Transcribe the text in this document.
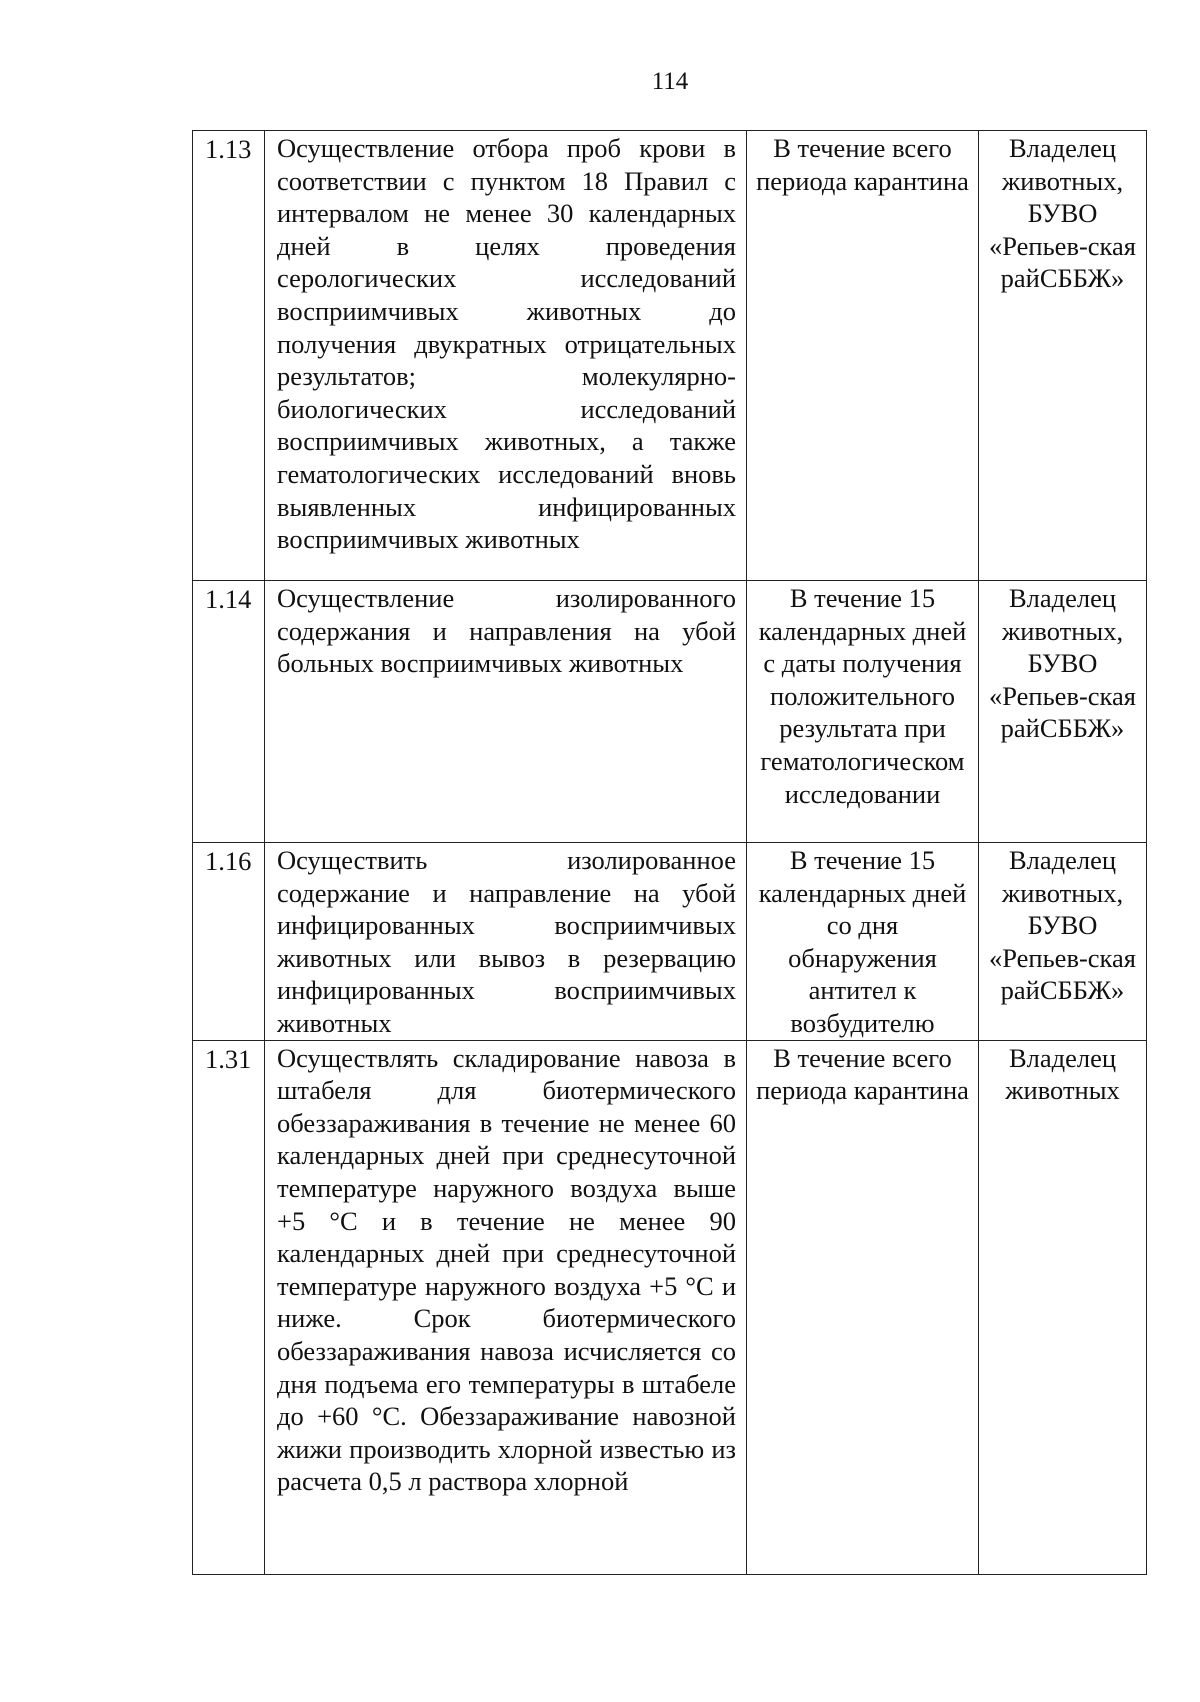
114
1.13	Осуществление отбора проб крови в соответствии с пунктом 18 Правил с интервалом не менее 30 календарных дней в целях проведения серологических исследований восприимчивых животных до получения двукратных отрицательных результатов; молекулярно-биологических исследований восприимчивых животных, а также гематологических исследований вновь выявленных инфицированных восприимчивых животных	В течение всего периода карантина	Владелец животных, БУВО «Репьев-ская райСББЖ»
1.14	Осуществление изолированного содержания и направления на убой больных восприимчивых животных	В течение 15 календарных дней с даты получения положительного результата при гематологическом исследовании	Владелец животных, БУВО «Репьев-ская райСББЖ»
1.16	Осуществить изолированное содержание и направление на убой инфицированных восприимчивых животных или вывоз в резервацию инфицированных восприимчивых животных	В течение 15 календарных дней со дня обнаружения антител к возбудителю	Владелец животных, БУВО «Репьев-ская райСББЖ»
1.31	Осуществлять складирование навоза в штабеля для биотермического обеззараживания в течение не менее 60 календарных дней при среднесуточной температуре наружного воздуха выше +5 °С и в течение не менее 90 календарных дней при среднесуточной температуре наружного воздуха +5 °С и ниже. Срок биотермического обеззараживания навоза исчисляется со дня подъема его температуры в штабеле до +60 °С. Обеззараживание навозной жижи производить хлорной известью из расчета 0,5 л раствора хлорной	В течение всего периода карантина	Владелец животных
